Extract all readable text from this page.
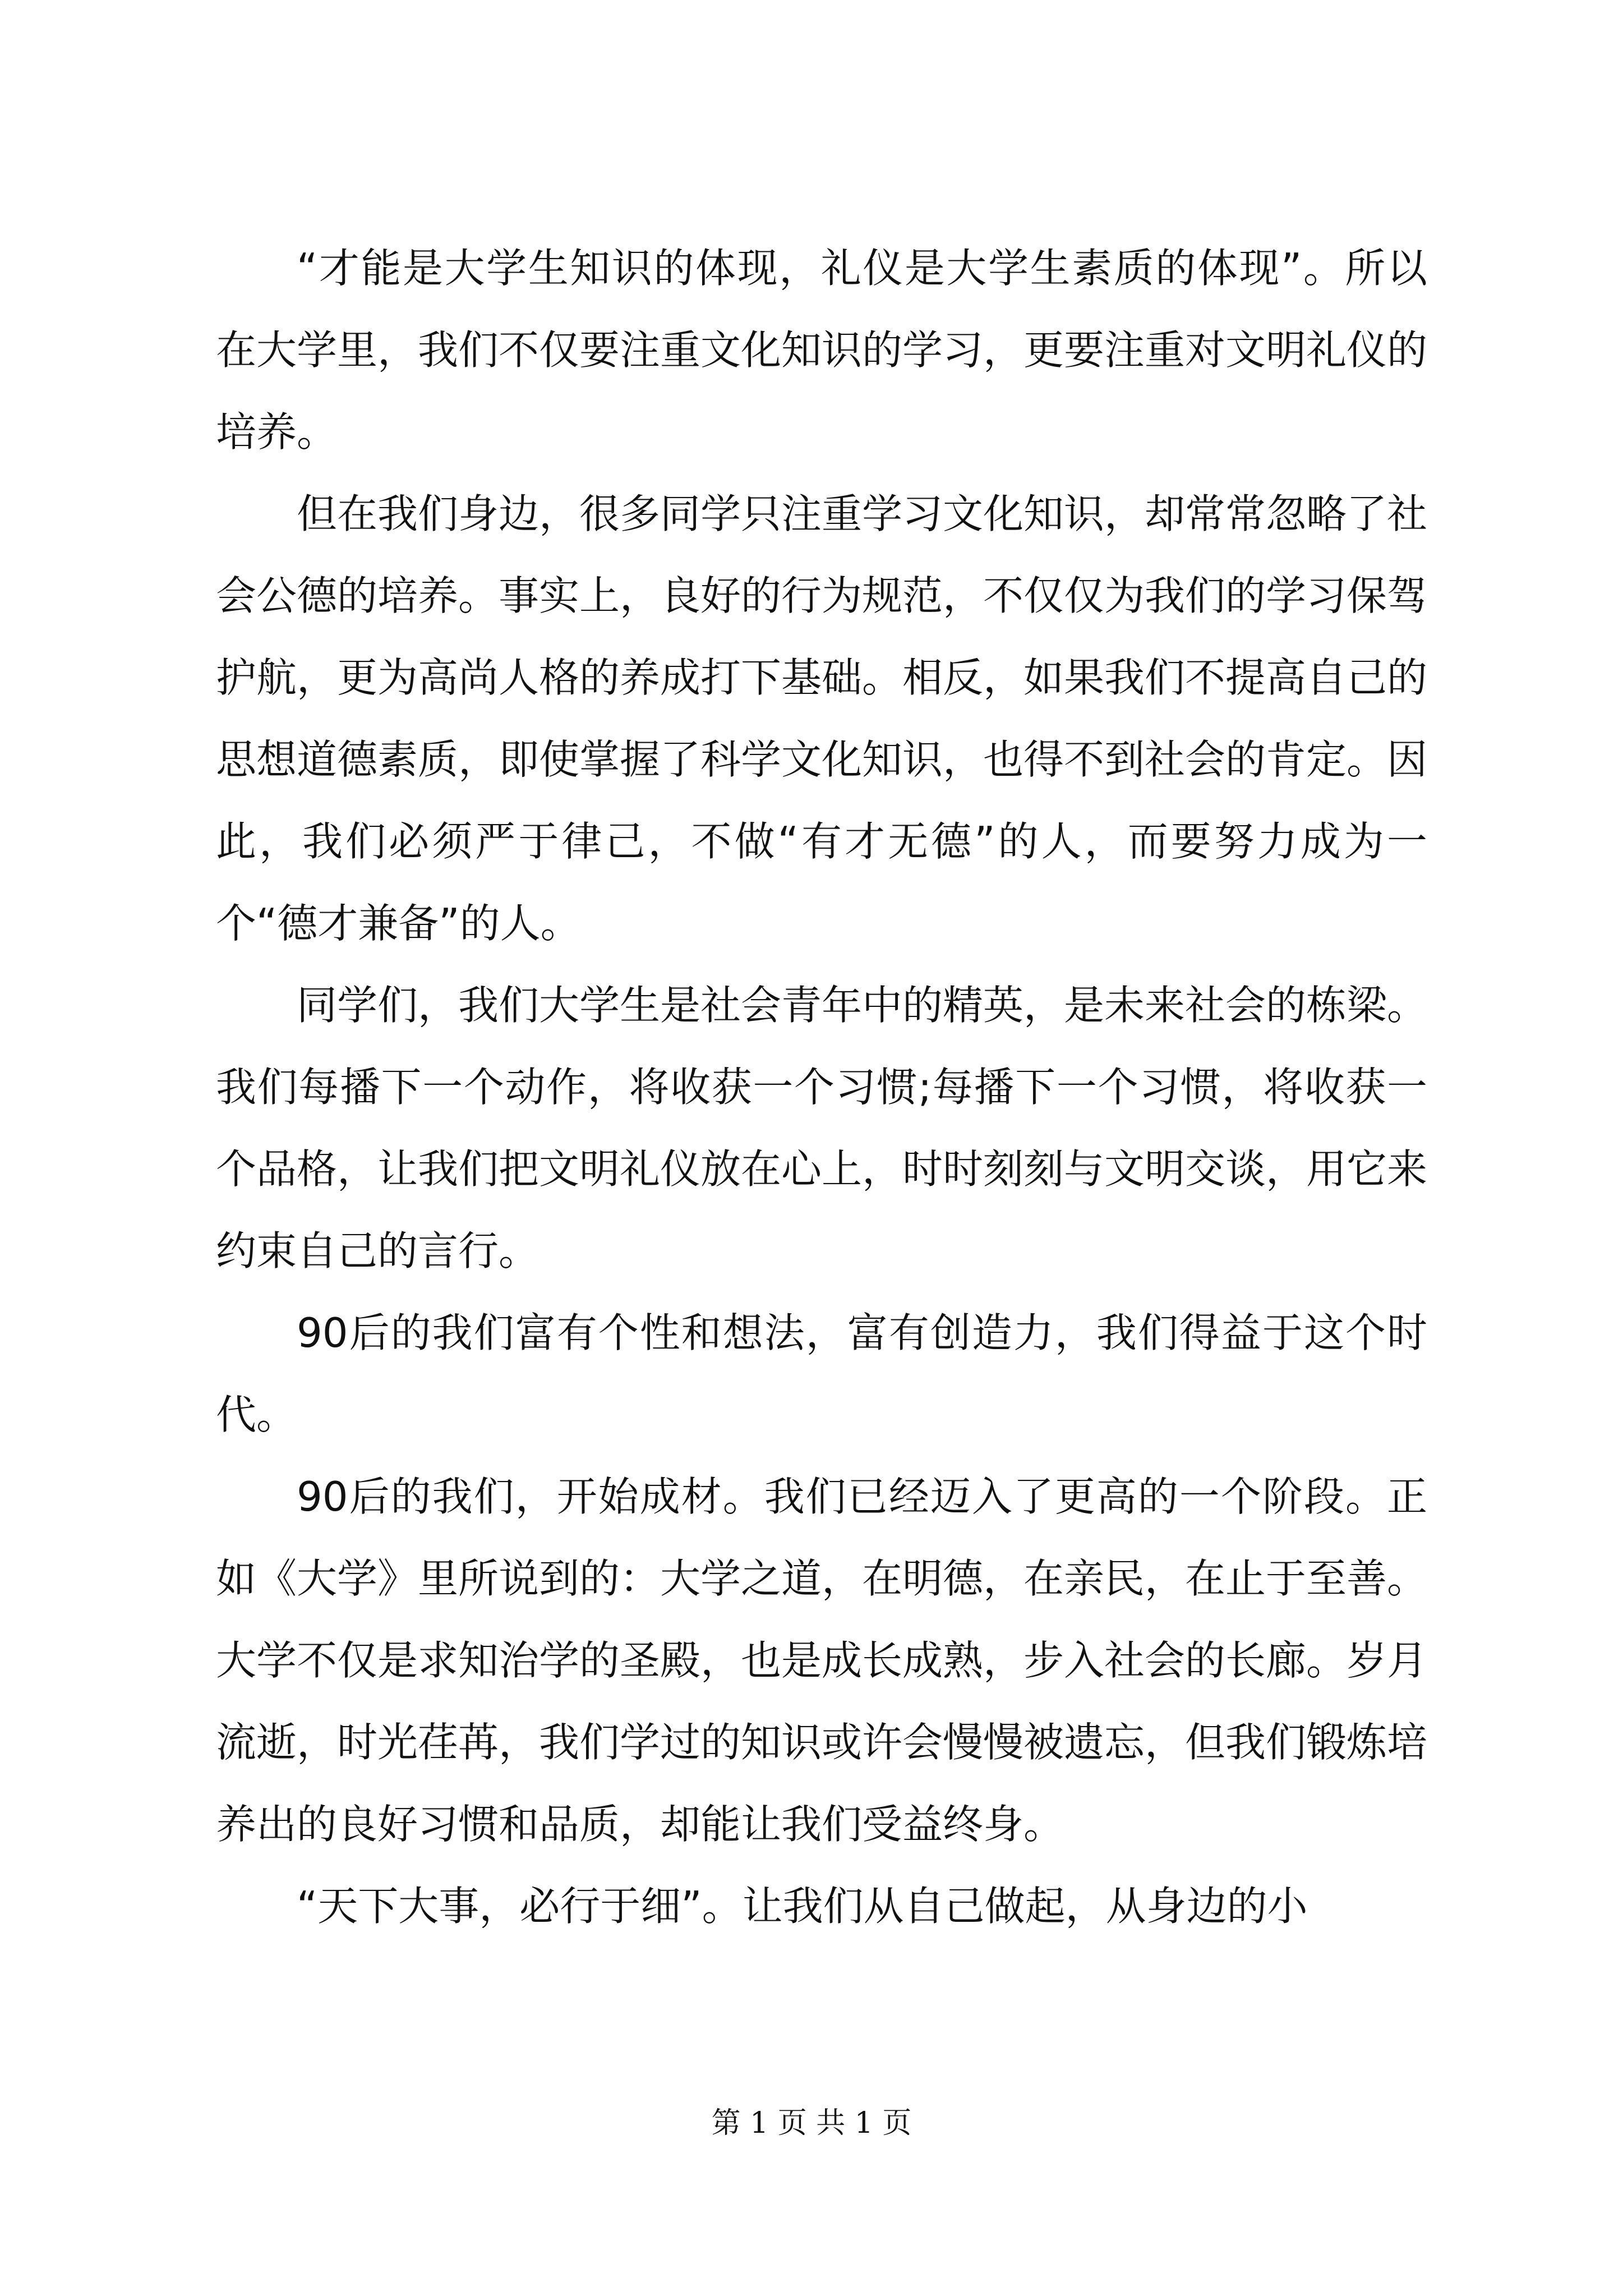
“才能是大学生知识的体现，礼仪是大学生素质的体现”。所以在大学里，我们不仅要注重文化知识的学习，更要注重对文明礼仪的培养。

但在我们身边，很多同学只注重学习文化知识，却常常忽略了社会公德的培养。事实上，良好的行为规范，不仅仅为我们的学习保驾护航，更为高尚人格的养成打下基础。相反，如果我们不提高自己的思想道德素质，即使掌握了科学文化知识，也得不到社会的肯定。因此，我们必须严于律己，不做“有才无德”的人，而要努力成为一个“德才兼备”的人。

同学们，我们大学生是社会青年中的精英，是未来社会的栋梁。我们每播下一个动作，将收获一个习惯;每播下一个习惯，将收获一个品格，让我们把文明礼仪放在心上，时时刻刻与文明交谈，用它来约束自己的言行。

90后的我们富有个性和想法，富有创造力，我们得益于这个时代。

90后的我们，开始成材。我们已经迈入了更高的一个阶段。正如《大学》里所说到的：大学之道，在明德，在亲民，在止于至善。大学不仅是求知治学的圣殿，也是成长成熟，步入社会的长廊。岁月流逝，时光荏苒，我们学过的知识或许会慢慢被遗忘，但我们锻炼培养出的良好习惯和品质，却能让我们受益终身。

“天下大事，必行于细”。让我们从自己做起，从身边的小

第 1 页 共 1 页
